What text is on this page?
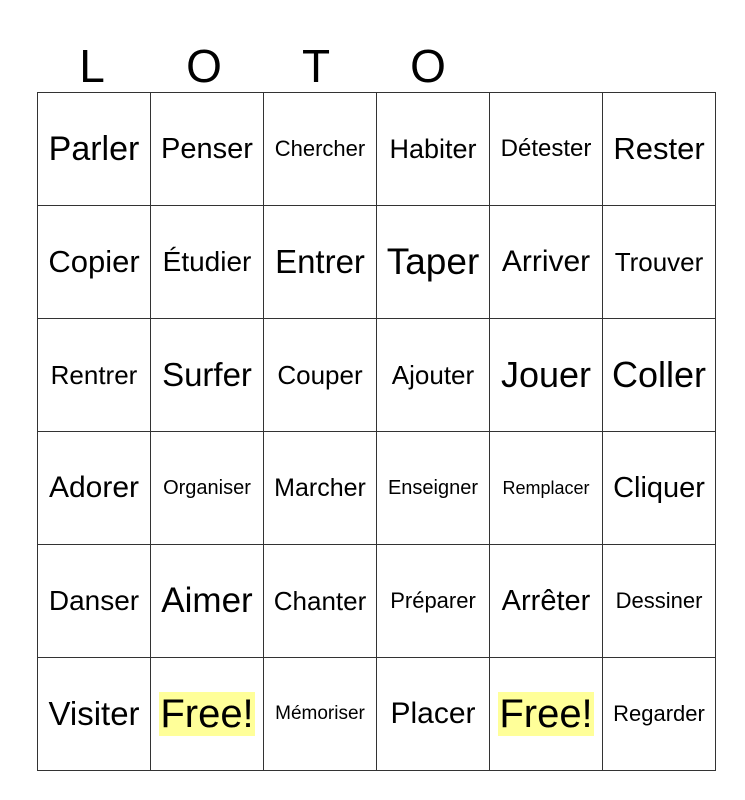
L	O	T	O
Parler	Penser	Chercher	Habiter	Détester	Rester
Copier	Étudier	Entrer	Taper	Arriver	Trouver
Rentrer	Surfer	Couper	Ajouter	Jouer	Coller
Adorer	Organiser	Marcher	Enseigner	Remplacer	Cliquer
Danser	Aimer	Chanter	Préparer	Arrêter	Dessiner
Visiter	Free!	Mémoriser	Placer	Free!	Regarder
